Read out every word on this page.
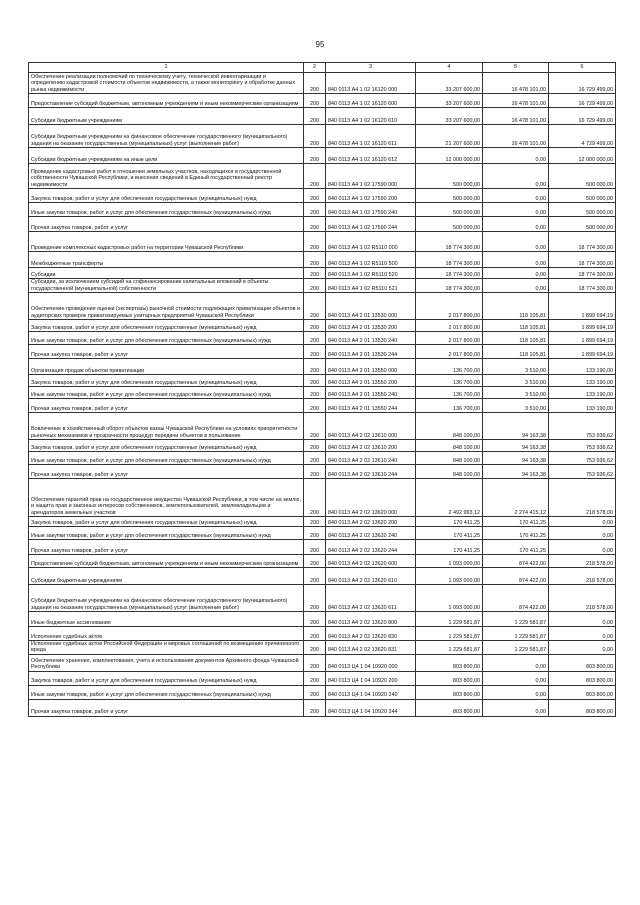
95
1	2	3	4	5	6
Обеспечение реализации полномочий по техническому учету, технической инвентаризации и определению кадастровой стоимости объектов недвижимости, а также мониторингу и обработке данных рынка недвижимости	200	840 0113 А4 1 02 16120 000	33 207 600,00	16 478 101,00	16 729 499,00
Предоставление субсидий бюджетным, автономным учреждениям и иным некоммерческим организациям	200	840 0113 А4 1 02 16120 600	33 207 600,00	16 478 101,00	16 729 499,00
Субсидии бюджетным учреждениям	200	840 0113 А4 1 02 16120 610	33 207 600,00	16 478 101,00	16 729 499,00
Субсидии бюджетным учреждениям на финансовое обеспечение государственного (муниципального) задания на оказание государственных (муниципальных) услуг (выполнение работ)	200	840 0113 А4 1 02 16120 611	21 207 600,00	16 478 101,00	4 729 499,00
Субсидии бюджетным учреждениям на иные цели	200	840 0113 А4 1 02 16120 612	12 000 000,00	0,00	12 000 000,00
Проведение кадастровых работ в отношении земельных участков, находящихся в государственной собственности Чувашской Республики, и внесения сведений в Единый государственный реестр недвижимости	200	840 0113 А4 1 02 17590 000	500 000,00	0,00	500 000,00
Закупка товаров, работ и услуг для обеспечения государственных (муниципальных) нужд	200	840 0113 А4 1 02 17590 200	500 000,00	0,00	500 000,00
Иные закупки товаров, работ и услуг для обеспечения государственных (муниципальных) нужд	200	840 0113 А4 1 02 17590 240	500 000,00	0,00	500 000,00
Прочая закупка товаров, работ и услуг	200	840 0113 А4 1 02 17590 244	500 000,00	0,00	500 000,00
Проведение комплексных кадастровых работ на территории Чувашской Республики	200	840 0113 А4 1 02 R5110 000	18 774 300,00	0,00	18 774 300,00
Межбюджетные трансферты	200	840 0113 А4 1 02 R5110 500	18 774 300,00	0,00	18 774 300,00
Субсидии	200	840 0113 А4 1 02 R5110 520	18 774 300,00	0,00	18 774 300,00
Субсидии, за исключением субсидий на софинансирование капитальных вложений в объекты государственной (муниципальной) собственности	200	840 0113 А4 1 02 R5110 521	18 774 300,00	0,00	18 774 300,00
Обеспечение проведения оценки (экспертизы) рыночной стоимости подлежащих приватизации объектов и аудиторских проверок приватизируемых унитарных предприятий Чувашской Республики	200	840 0113 А4 2 01 13530 000	2 017 800,00	118 105,81	1 899 694,19
Закупка товаров, работ и услуг для обеспечения государственных (муниципальных) нужд	200	840 0113 А4 2 01 13530 200	2 017 800,00	118 105,81	1 899 694,19
Иные закупки товаров, работ и услуг для обеспечения государственных (муниципальных) нужд	200	840 0113 А4 2 01 13530 240	2 017 800,00	118 105,81	1 899 694,19
Прочая закупка товаров, работ и услуг	200	840 0113 А4 2 01 13530 244	2 017 800,00	118 105,81	1 899 694,19
Организация продаж объектов приватизации	200	840 0113 А4 2 01 13550 000	136 700,00	3 510,00	133 190,00
Закупка товаров, работ и услуг для обеспечения государственных (муниципальных) нужд	200	840 0113 А4 2 01 13550 200	136 700,00	3 510,00	133 190,00
Иные закупки товаров, работ и услуг для обеспечения государственных (муниципальных) нужд	200	840 0113 А4 2 01 13550 240	136 700,00	3 510,00	133 190,00
Прочая закупка товаров, работ и услуг	200	840 0113 А4 2 01 13550 244	136 700,00	3 510,00	133 190,00
Вовлечение в хозяйственный оборот объектов казны Чувашской Республики на условиях приоритетности рыночных механизмов и прозрачности процедур передачи объектов в пользование	200	840 0113 А4 2 02 13610 000	848 100,00	94 163,38	753 936,62
Закупка товаров, работ и услуг для обеспечения государственных (муниципальных) нужд	200	840 0113 А4 2 02 13610 200	848 100,00	94 163,38	753 936,62
Иные закупки товаров, работ и услуг для обеспечения государственных (муниципальных) нужд	200	840 0113 А4 2 02 13610 240	848 100,00	94 163,38	753 936,62
Прочая закупка товаров, работ и услуг	200	840 0113 А4 2 02 13610 244	848 100,00	94 163,38	753 936,62
Обеспечение гарантий прав на государственное имущество Чувашской Республики, в том числе на землю, и защита прав и законных интересов собственников, землепользователей, землевладельцев и арендаторов земельных участков	200	840 0113 А4 2 02 13620 000	2 492 993,12	2 274 415,12	218 578,00
Закупка товаров, работ и услуг для обеспечения государственных (муниципальных) нужд	200	840 0113 А4 2 02 13620 200	170 411,25	170 411,25	0,00
Иные закупки товаров, работ и услуг для обеспечения государственных (муниципальных) нужд	200	840 0113 А4 2 02 13620 240	170 411,25	170 411,25	0,00
Прочая закупка товаров, работ и услуг	200	840 0113 А4 2 02 13620 244	170 411,25	170 411,25	0,00
Предоставление субсидий бюджетным, автономным учреждениям и иным некоммерческим организациям	200	840 0113 А4 2 02 13620 600	1 093 000,00	874 422,00	218 578,00
Субсидии бюджетным учреждениям	200	840 0113 А4 2 02 13620 610	1 093 000,00	874 422,00	218 578,00
Субсидии бюджетным учреждениям на финансовое обеспечение государственного (муниципального) задания на оказание государственных (муниципальных) услуг (выполнение работ)	200	840 0113 А4 2 02 13620 611	1 093 000,00	874 422,00	218 578,00
Иные бюджетные ассигнования	200	840 0113 А4 2 02 13620 800	1 229 581,87	1 229 581,87	0,00
Исполнение судебных актов	200	840 0113 А4 2 02 13620 830	1 229 581,87	1 229 581,87	0,00
Исполнение судебных актов Российской Федерации и мировых соглашений по возмещению причиненного вреда	200	840 0113 А4 2 02 13620 831	1 229 581,87	1 229 581,87	0,00
Обеспечение хранения, комплектования, учета и использования документов Архивного фонда Чувашской Республики	200	840 0113 Ц4 1 04 10920 000	803 800,00	0,00	803 800,00
Закупка товаров, работ и услуг для обеспечения государственных (муниципальных) нужд	200	840 0113 Ц4 1 04 10920 200	803 800,00	0,00	803 800,00
Иные закупки товаров, работ и услуг для обеспечения государственных (муниципальных) нужд	200	840 0113 Ц4 1 04 10920 240	803 800,00	0,00	803 800,00
Прочая закупка товаров, работ и услуг	200	840 0113 Ц4 1 04 10920 244	803 800,00	0,00	803 800,00
